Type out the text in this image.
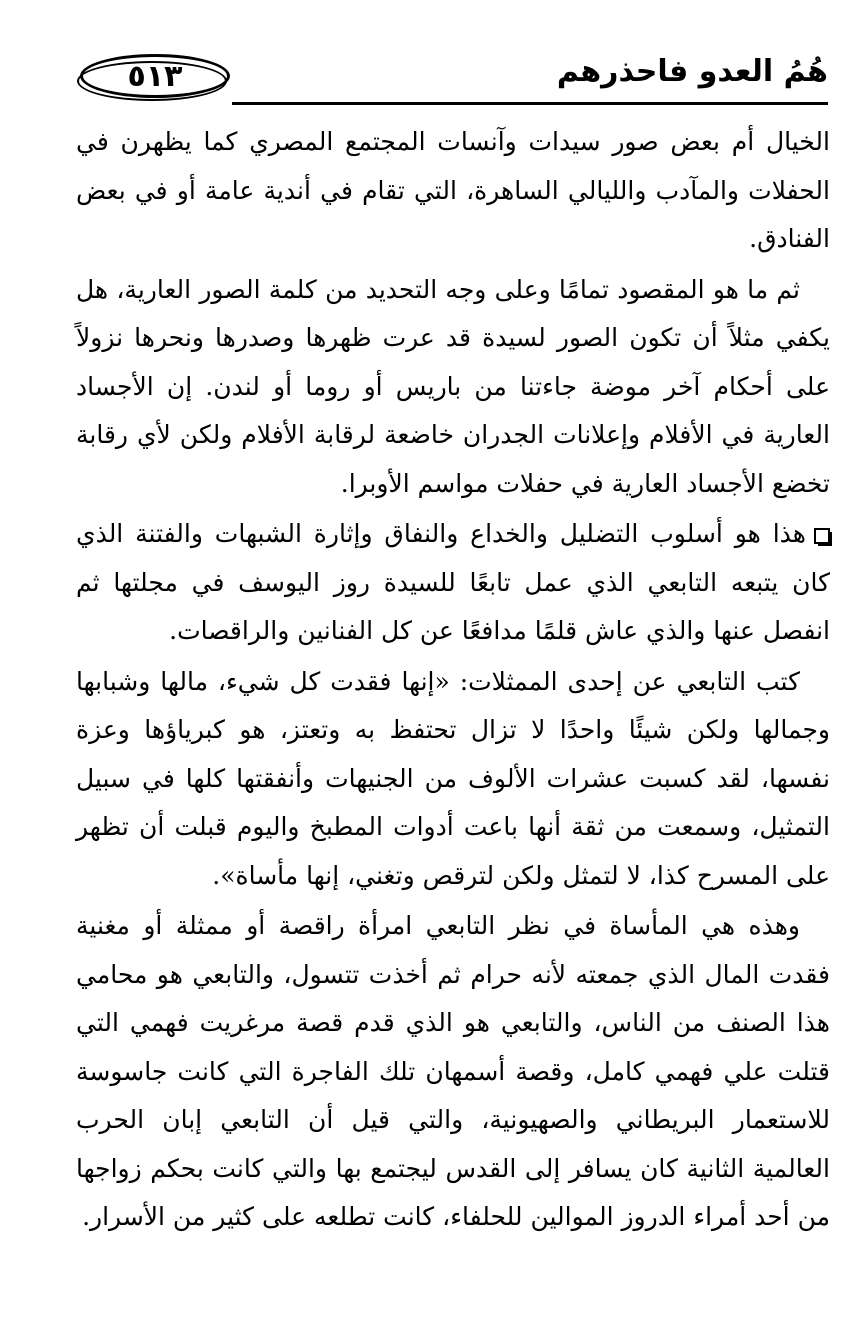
٥١٣	هُمُ العدو فاحذرهم

الخيال أم بعض صور سيدات وآنسات المجتمع المصري كما يظهرن في الحفلات والمآدب والليالي الساهرة، التي تقام في أندية عامة أو في بعض الفنادق.

ثم ما هو المقصود تمامًا وعلى وجه التحديد من كلمة الصور العارية، هل يكفي مثلاً أن تكون الصور لسيدة قد عرت ظهرها وصدرها ونحرها نزولاً على أحكام آخر موضة جاءتنا من باريس أو روما أو لندن. إن الأجساد العارية في الأفلام وإعلانات الجدران خاضعة لرقابة الأفلام ولكن لأي رقابة تخضع الأجساد العارية في حفلات مواسم الأوبرا.

هذا هو أسلوب التضليل والخداع والنفاق وإثارة الشبهات والفتنة الذي كان يتبعه التابعي الذي عمل تابعًا للسيدة روز اليوسف في مجلتها ثم انفصل عنها والذي عاش قلمًا مدافعًا عن كل الفنانين والراقصات.

كتب التابعي عن إحدى الممثلات: «إنها فقدت كل شيء، مالها وشبابها وجمالها ولكن شيئًا واحدًا لا تزال تحتفظ به وتعتز، هو كبرياؤها وعزة نفسها، لقد كسبت عشرات الألوف من الجنيهات وأنفقتها كلها في سبيل التمثيل، وسمعت من ثقة أنها باعت أدوات المطبخ واليوم قبلت أن تظهر على المسرح كذا، لا لتمثل ولكن لترقص وتغني، إنها مأساة».

وهذه هي المأساة في نظر التابعي امرأة راقصة أو ممثلة أو مغنية فقدت المال الذي جمعته لأنه حرام ثم أخذت تتسول، والتابعي هو محامي هذا الصنف من الناس، والتابعي هو الذي قدم قصة مرغريت فهمي التي قتلت علي فهمي كامل، وقصة أسمهان تلك الفاجرة التي كانت جاسوسة للاستعمار البريطاني والصهيونية، والتي قيل أن التابعي إبان الحرب العالمية الثانية كان يسافر إلى القدس ليجتمع بها والتي كانت بحكم زواجها من أحد أمراء الدروز الموالين للحلفاء، كانت تطلعه على كثير من الأسرار.
